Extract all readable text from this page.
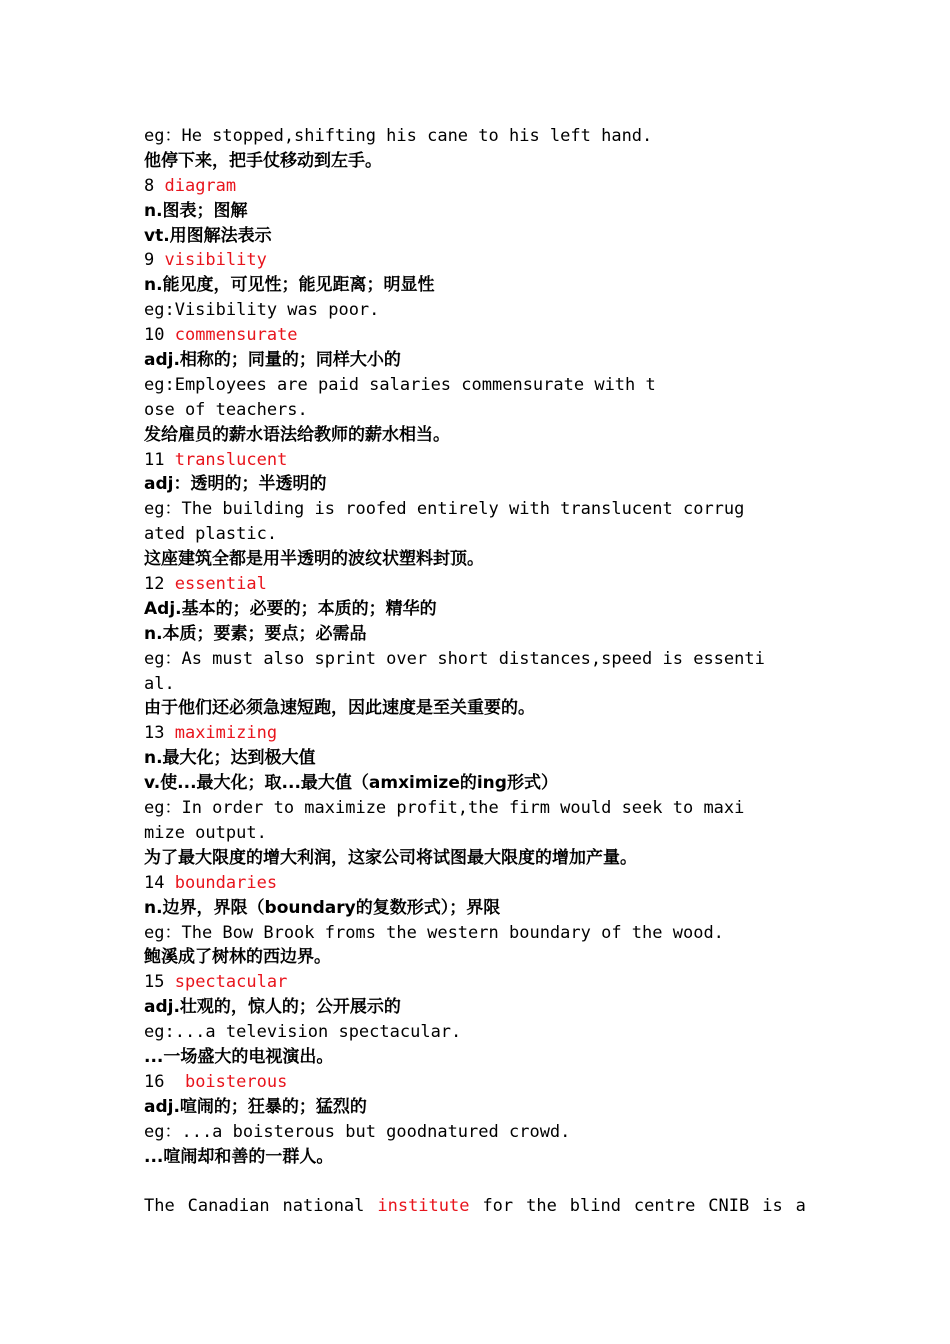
eg：He stopped,shifting his cane to his left hand.
他停下来，把手仗移动到左手。
8 diagram
n.图表；图解
vt.用图解法表示
9 visibility
n.能见度，可见性；能见距离；明显性
eg:Visibility was poor.
10 commensurate
adj.相称的；同量的；同样大小的
eg:Employees are paid salaries commensurate with t
ose of teachers.
发给雇员的薪水语法给教师的薪水相当。
11 translucent
adj：透明的；半透明的
eg：The building is roofed entirely with translucent corrug
ated plastic.
这座建筑全都是用半透明的波纹状塑料封顶。
12 essential
Adj.基本的；必要的；本质的；精华的
n.本质；要素；要点；必需品
eg：As must also sprint over short distances,speed is essenti
al.
由于他们还必须急速短跑，因此速度是至关重要的。
13 maximizing
n.最大化；达到极大值
v.使...最大化；取...最大值（amximize的ing形式）
eg：In order to maximize profit,the firm would seek to maxi
mize output.
为了最大限度的增大利润，这家公司将试图最大限度的增加产量。
14 boundaries
n.边界，界限（boundary的复数形式）；界限
eg：The Bow Brook froms the western boundary of the wood.
鲍溪成了树林的西边界。
15 spectacular
adj.壮观的，惊人的；公开展示的
eg:...a television spectacular.
...一场盛大的电视演出。
16  boisterous
adj.喧闹的；狂暴的；猛烈的
eg：...a boisterous but goodnatured crowd.
...喧闹却和善的一群人。
The Canadian national institute for the blind centre CNIB is a
